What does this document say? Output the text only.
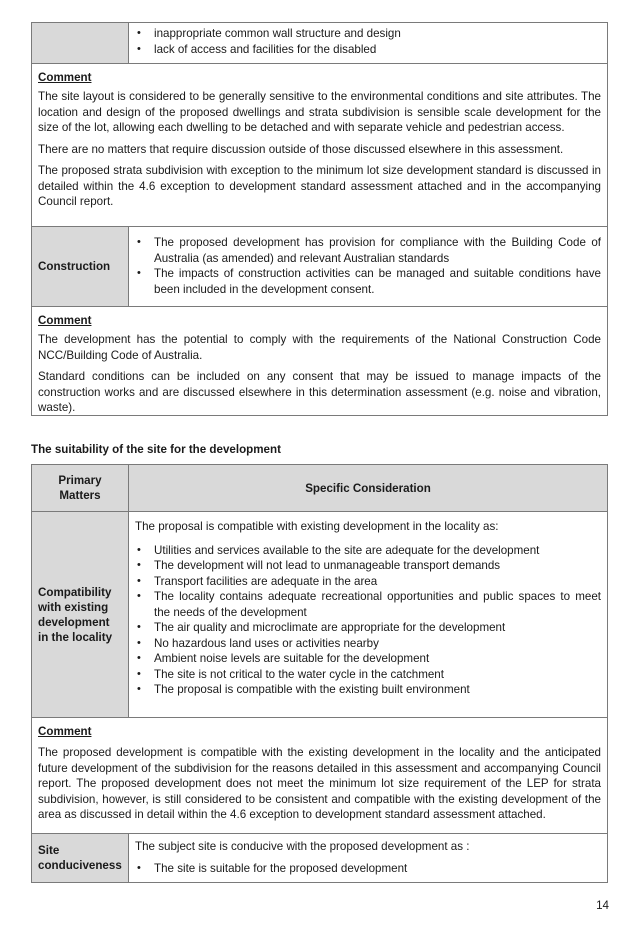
• inappropriate common wall structure and design
• lack of access and facilities for the disabled
Comment

The site layout is considered to be generally sensitive to the environmental conditions and site attributes. The location and design of the proposed dwellings and strata subdivision is sensible scale development for the size of the lot, allowing each dwelling to be detached and with separate vehicle and pedestrian access.

There are no matters that require discussion outside of those discussed elsewhere in this assessment.

The proposed strata subdivision with exception to the minimum lot size development standard is discussed in detailed within the 4.6 exception to development standard assessment attached and in the accompanying Council report.

Construction
• The proposed development has provision for compliance with the Building Code of Australia (as amended) and relevant Australian standards
• The impacts of construction activities can be managed and suitable conditions have been included in the development consent.
Comment

The development has the potential to comply with the requirements of the National Construction Code NCC/Building Code of Australia.

Standard conditions can be included on any consent that may be issued to manage impacts of the construction works and are discussed elsewhere in this determination assessment (e.g. noise and vibration, waste).

The suitability of the site for the development
Primary Matters
Specific Consideration
Compatibility with existing development in the locality

The proposal is compatible with existing development in the locality as:

• Utilities and services available to the site are adequate for the development
• The development will not lead to unmanageable transport demands
• Transport facilities are adequate in the area
• The locality contains adequate recreational opportunities and public spaces to meet the needs of the development
• The air quality and microclimate are appropriate for the development
• No hazardous land uses or activities nearby
• Ambient noise levels are suitable for the development
• The site is not critical to the water cycle in the catchment
• The proposal is compatible with the existing built environment
Comment

The proposed development is compatible with the existing development in the locality and the anticipated future development of the subdivision for the reasons detailed in this assessment and accompanying Council report. The proposed development does not meet the minimum lot size requirement of the LEP for strata subdivision, however, is still considered to be consistent and compatible with the existing development of the area as discussed in detail within the 4.6 exception to development standard assessment attached.

Site conduciveness

The subject site is conducive with the proposed development as :

• The site is suitable for the proposed development
14
